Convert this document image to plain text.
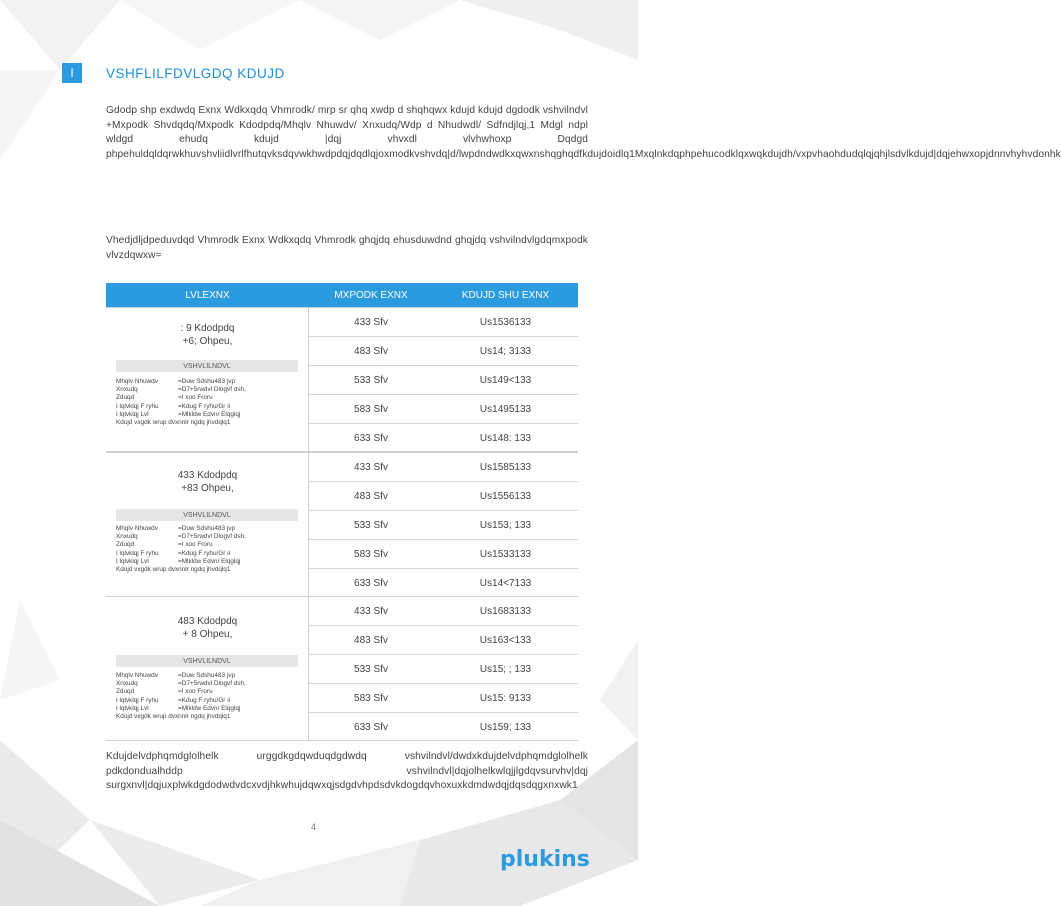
I	VSHFLILFDVLGDQ KDUJD
Gdodp shp exdwdq Exnx Wdkxqdq Vhmrodk/ mrp sr qhq xwdp d shqhqwx kdujd kdujd dgdodk vshvilndvl +Mxpodk Shvdqdq/Mxpodk Kdodpdq/Mhqlv Nhuwdv/ Xnxudq/Wdp d Nhudwdl/ Sdfndjlqj,1 Mdgl ndpl wldgd ehudq kdujd |dqj vhvxdl vlvhwhoxp Dqdgd phpehuldqldqrwkhuvshvliidlvrlfhutqvksdqvwkhwdpdqjdqdlqjoxmodkvshvdq|d/lwpdndwdkxqwxnshqghqdfkdujdoidlq1Mxqlnkdqphpehucodklqxwqkdujdh/vxpvhaohdudqlqjqhjlsdvlkdujd|dqjehwxopjdnnvhyhvdonhk
Vhedjdljdpeduvdqd Vhmrodk Exnx Wdkxqdq Vhmrodk ghqjdq ehusduwdnd ghqjdq vshvilndvlgdqmxpodk vlvzdqwxw=
LVLEXNX	MXPODK EXNX	KDUJD SHU EXNX
: 9 Kdodpdq
+6; Ohpeu,
VSHVLILNDVL
Mhqlv Nhuwdv	=Duw Sdshu483 jvp
Xnxudq	=D7+5rwdvl Dlogvf dsh,
Zduqd	=I xoo Froru
I lqlvklqj F ryhu	=Kdug F ryhu/Gr ii
I lqlvklqj Lvl	=Mlkldw Edvn/ Elqglqj
Kdujd vxgdk wrup dvxnnlr
ngdq jhvdqlq1
433 Sfv	Us1536133
483 Sfv	Us14; 3133
533 Sfv	Us149<133
583 Sfv	Us1495133
633 Sfv	Us148: 133
433 Kdodpdq
+83 Ohpeu,
VSHVLILNDVL
Mhqlv Nhuwdv	=Duw Sdshu483 jvp
Xnxudq	=D7+5rwdvl Dlogvf dsh,
Zduqd	=I xoo Froru
I lqlvklqj F ryhu	=Kdug F ryhu/Gr ii
I lqlvklqj Lvl	=Mlkldw Edvn/ Elqglqj
Kdujd vxgdk wrup dvxnnlr
ngdq jhvdqlq1
433 Sfv	Us1585133
483 Sfv	Us1556133
533 Sfv	Us153; 133
583 Sfv	Us1533133
633 Sfv	Us14<7133
483 Kdodpdq
+ 8 Ohpeu,
VSHVLILNDVL
Mhqlv Nhuwdv	=Duw Sdshu483 jvp
Xnxudq	=D7+5rwdvl Dlogvf dsh,
Zduqd	=I xoo Froru
I lqlvklqj F ryhu	=Kdug F ryhu/Gr ii
I lqlvklqj Lvl	=Mlkldw Edvn/ Elqglqj
Kdujd vxgdk wrup dvxnnlr
ngdq jhvdqlq1
433 Sfv	Us1683133
483 Sfv	Us163<133
533 Sfv	Us15; ; 133
583 Sfv	Us15: 9133
633 Sfv	Us159; 133
Kdujdelvdphqmdglolhelk urggdkgdqwduqdgdwdq vshvilndvl/dwdxkdujdelvdphqmdglolhelk pdkdondualhddp vshvilndvl|dqjolhelkwlqjjlgdqvsurvhv|dqj surgxnvl|dqjuxplwkdgdodwdvdcxvdjhkwhujdqwxqjsdgdvhpdsdvkdogdqvhoxuxkdmdwdqjdqsdqgxnxwk1
4
plukins
